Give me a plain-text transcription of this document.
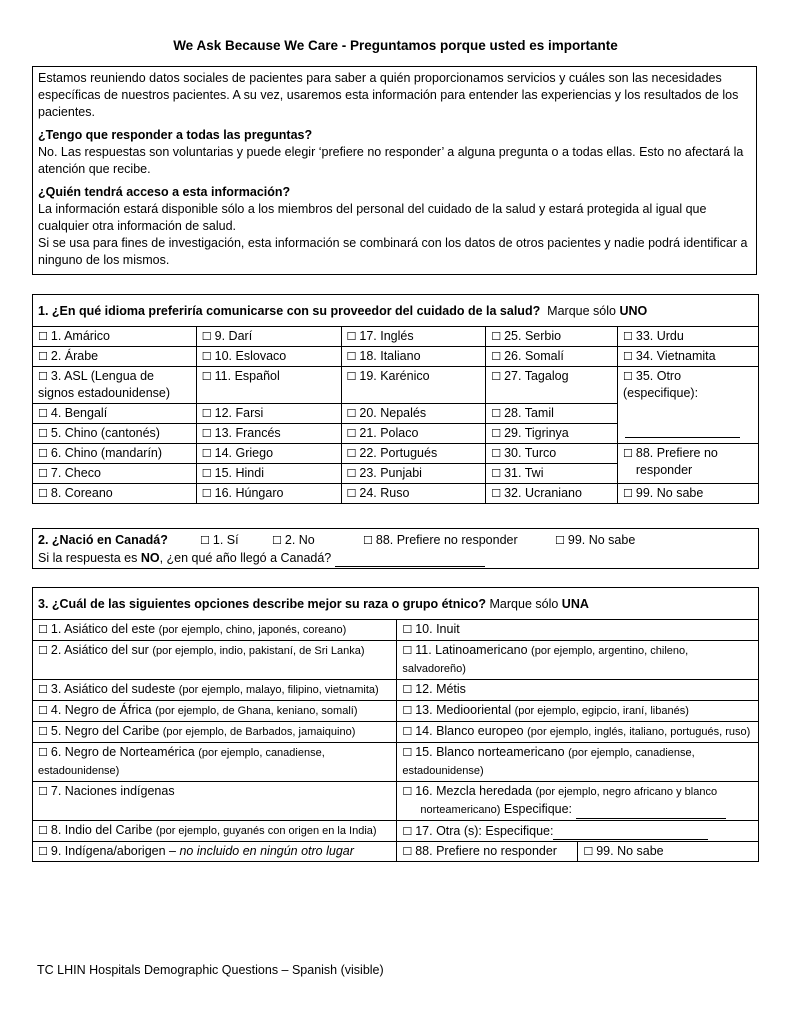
We Ask Because We Care - Preguntamos porque usted es importante

Estamos reuniendo datos sociales de pacientes para saber a quién proporcionamos servicios y cuáles son las necesidades específicas de nuestros pacientes. A su vez, usaremos esta información para entender las experiencias y los resultados de los pacientes.

¿Tengo que responder a todas las preguntas?

No. Las respuestas son voluntarias y puede elegir ‘prefiere no responder’ a alguna pregunta o a todas ellas. Esto no afectará la atención que recibe.

¿Quién tendrá acceso a esta información?

La información estará disponible sólo a los miembros del personal del cuidado de la salud y estará protegida al igual que cualquier otra información de salud.

Si se usa para fines de investigación, esta información se combinará con los datos de otros pacientes y nadie podrá identificar a ninguno de los mismos.

1. ¿En qué idioma preferiría comunicarse con su proveedor del cuidado de la salud? Marque sólo UNO				
☐ 1. Amárico	☐ 9. Darí	☐ 17. Inglés	☐ 25. Serbio	☐ 33. Urdu
☐ 2. Árabe	☐ 10. Eslovaco	☐ 18. Italiano	☐ 26. Somalí	☐ 34. Vietnamita
☐ 3. ASL (Lengua de signos estadounidense)	☐ 11. Español	☐ 19. Karénico	☐ 27. Tagalog	☐ 35. Otro (especifique):

☐ 4. Bengalí	☐ 12. Farsi	☐ 20. Nepalés	☐ 28. Tamil	
☐ 5. Chino (cantonés)	☐ 13. Francés	☐ 21. Polaco	☐ 29. Tigrinya	
☐ 6. Chino (mandarín)	☐ 14. Griego	☐ 22. Portugués	☐ 30. Turco	☐ 88. Prefiere no responder
☐ 7. Checo	☐ 15. Hindi	☐ 23. Punjabi	☐ 31. Twi	
☐ 8. Coreano	☐ 16. Húngaro	☐ 24. Ruso	☐ 32. Ucraniano	☐ 99. No sabe
2. ¿Nació en Canadá?	☐ 1. Sí	☐ 2. No	☐ 88. Prefiere no responder	☐ 99. No sabe
Si la respuesta es NO, ¿en qué año llegó a Canadá?
3. ¿Cuál de las siguientes opciones describe mejor su raza o grupo étnico? Marque sólo UNA	
☐ 1. Asiático del este (por ejemplo, chino, japonés, coreano)	☐ 10. Inuit
☐ 2. Asiático del sur (por ejemplo, indio, pakistaní, de Sri Lanka)	☐ 11. Latinoamericano (por ejemplo, argentino, chileno, salvadoreño)
☐ 3. Asiático del sudeste (por ejemplo, malayo, filipino, vietnamita)	☐ 12. Métis
☐ 4. Negro de África (por ejemplo, de Ghana, keniano, somalí)	☐ 13. Mediooriental (por ejemplo, egipcio, iraní, libanés)
☐ 5. Negro del Caribe (por ejemplo, de Barbados, jamaiquino)	☐ 14. Blanco europeo (por ejemplo, inglés, italiano, portugués, ruso)
☐ 6. Negro de Norteamérica (por ejemplo, canadiense, estadounidense)	☐ 15. Blanco norteamericano (por ejemplo, canadiense, estadounidense)
☐ 7. Naciones indígenas	☐ 16. Mezcla heredada (por ejemplo, negro africano y blanco
norteamericano) Especifique:

☐ 8. Indio del Caribe (por ejemplo, guyanés con origen en la India)	☐ 17. Otra (s): Especifique:
☐ 9. Indígena/aborigen – no incluido en ningún otro lugar	☐ 88. Prefiere no responder ☐ 99. No sabe
TC LHIN Hospitals Demographic Questions – Spanish (visible)
